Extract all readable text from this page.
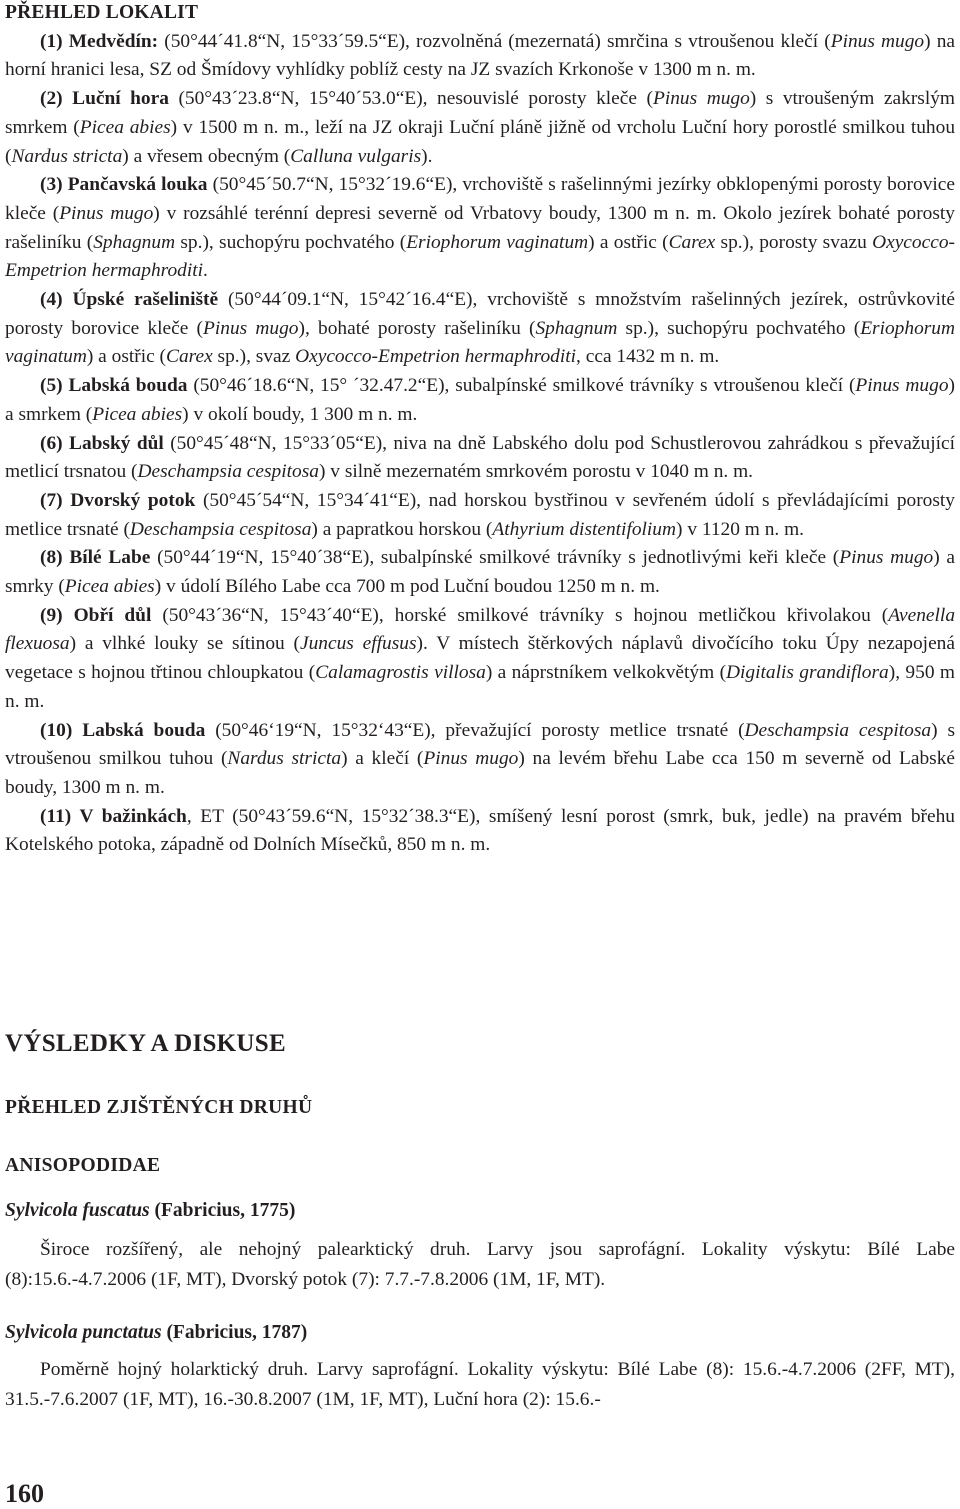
PŘEHLED LOKALIT

(1) Medvědín: (50°44´41.8“N, 15°33´59.5“E), rozvolněná (mezernatá) smrčina s vtroušenou klečí (Pinus mugo) na horní hranici lesa, SZ od Šmídovy vyhlídky poblíž cesty na JZ svazích Krkonoše v 1300 m n. m.

(2) Luční hora (50°43´23.8“N, 15°40´53.0“E), nesouvislé porosty kleče (Pinus mugo) s vtroušeným zakrslým smrkem (Picea abies) v 1500 m n. m., leží na JZ okraji Luční pláně jižně od vrcholu Luční hory porostlé smilkou tuhou (Nardus stricta) a vřesem obecným (Calluna vulgaris).

(3) Pančavská louka (50°45´50.7“N, 15°32´19.6“E), vrchoviště s rašelinnými jezírky obklopenými porosty borovice kleče (Pinus mugo) v rozsáhlé terénní depresi severně od Vrbatovy boudy, 1300 m n. m. Okolo jezírek bohaté porosty rašeliníku (Sphagnum sp.), suchopýru pochvatého (Eriophorum vaginatum) a ostřic (Carex sp.), porosty svazu Oxycocco-Empetrion hermaphroditi.

(4) Úpské rašeliniště (50°44´09.1“N, 15°42´16.4“E), vrchoviště s množstvím rašelinných jezírek, ostrůvkovité porosty borovice kleče (Pinus mugo), bohaté porosty rašeliníku (Sphagnum sp.), suchopýru pochvatého (Eriophorum vaginatum) a ostřic (Carex sp.), svaz Oxycocco-Empetrion hermaphroditi, cca 1432 m n. m.

(5) Labská bouda (50°46´18.6“N, 15° ´32.47.2“E), subalpínské smilkové trávníky s vtroušenou klečí (Pinus mugo) a smrkem (Picea abies) v okolí boudy, 1 300 m n. m.

(6) Labský důl (50°45´48“N, 15°33´05“E), niva na dně Labského dolu pod Schustlerovou zahrádkou s převažující metlicí trsnatou (Deschampsia cespitosa) v silně mezernatém smrkovém porostu v 1040 m n. m.

(7) Dvorský potok (50°45´54“N, 15°34´41“E), nad horskou bystřinou v sevřeném údolí s převládajícími porosty metlice trsnaté (Deschampsia cespitosa) a papratkou horskou (Athyrium distentifolium) v 1120 m n. m.

(8) Bílé Labe (50°44´19“N, 15°40´38“E), subalpínské smilkové trávníky s jednotlivými keři kleče (Pinus mugo) a smrky (Picea abies) v údolí Bílého Labe cca 700 m pod Luční boudou 1250 m n. m.

(9) Obří důl (50°43´36“N, 15°43´40“E), horské smilkové trávníky s hojnou metličkou křivolakou (Avenella flexuosa) a vlhké louky se sítinou (Juncus effusus). V místech štěrkových náplavů divočícího toku Úpy nezapojená vegetace s hojnou třtinou chloupkatou (Calamagrostis villosa) a náprstníkem velkokvětým (Digitalis grandiflora), 950 m n. m.

(10) Labská bouda (50°46‘19“N, 15°32‘43“E), převažující porosty metlice trsnaté (Deschampsia cespitosa) s vtroušenou smilkou tuhou (Nardus stricta) a klečí (Pinus mugo) na levém břehu Labe cca 150 m severně od Labské boudy, 1300 m n. m.

(11) V bažinkách, ET (50°43´59.6“N, 15°32´38.3“E), smíšený lesní porost (smrk, buk, jedle) na pravém břehu Kotelského potoka, západně od Dolních Mísečků, 850 m n. m.

VÝSLEDKY A DISKUSE
PŘEHLED ZJIŠTĚNÝCH DRUHŮ
ANISOPODIDAE
Sylvicola fuscatus (Fabricius, 1775)

Široce rozšířený, ale nehojný palearktický druh. Larvy jsou saprofágní. Lokality výskytu: Bílé Labe (8):15.6.-4.7.2006 (1F, MT), Dvorský potok (7): 7.7.-7.8.2006 (1M, 1F, MT).

Sylvicola punctatus (Fabricius, 1787)

Poměrně hojný holarktický druh. Larvy saprofágní. Lokality výskytu: Bílé Labe (8): 15.6.-4.7.2006 (2FF, MT), 31.5.-7.6.2007 (1F, MT), 16.-30.8.2007 (1M, 1F, MT), Luční hora (2): 15.6.-

160
